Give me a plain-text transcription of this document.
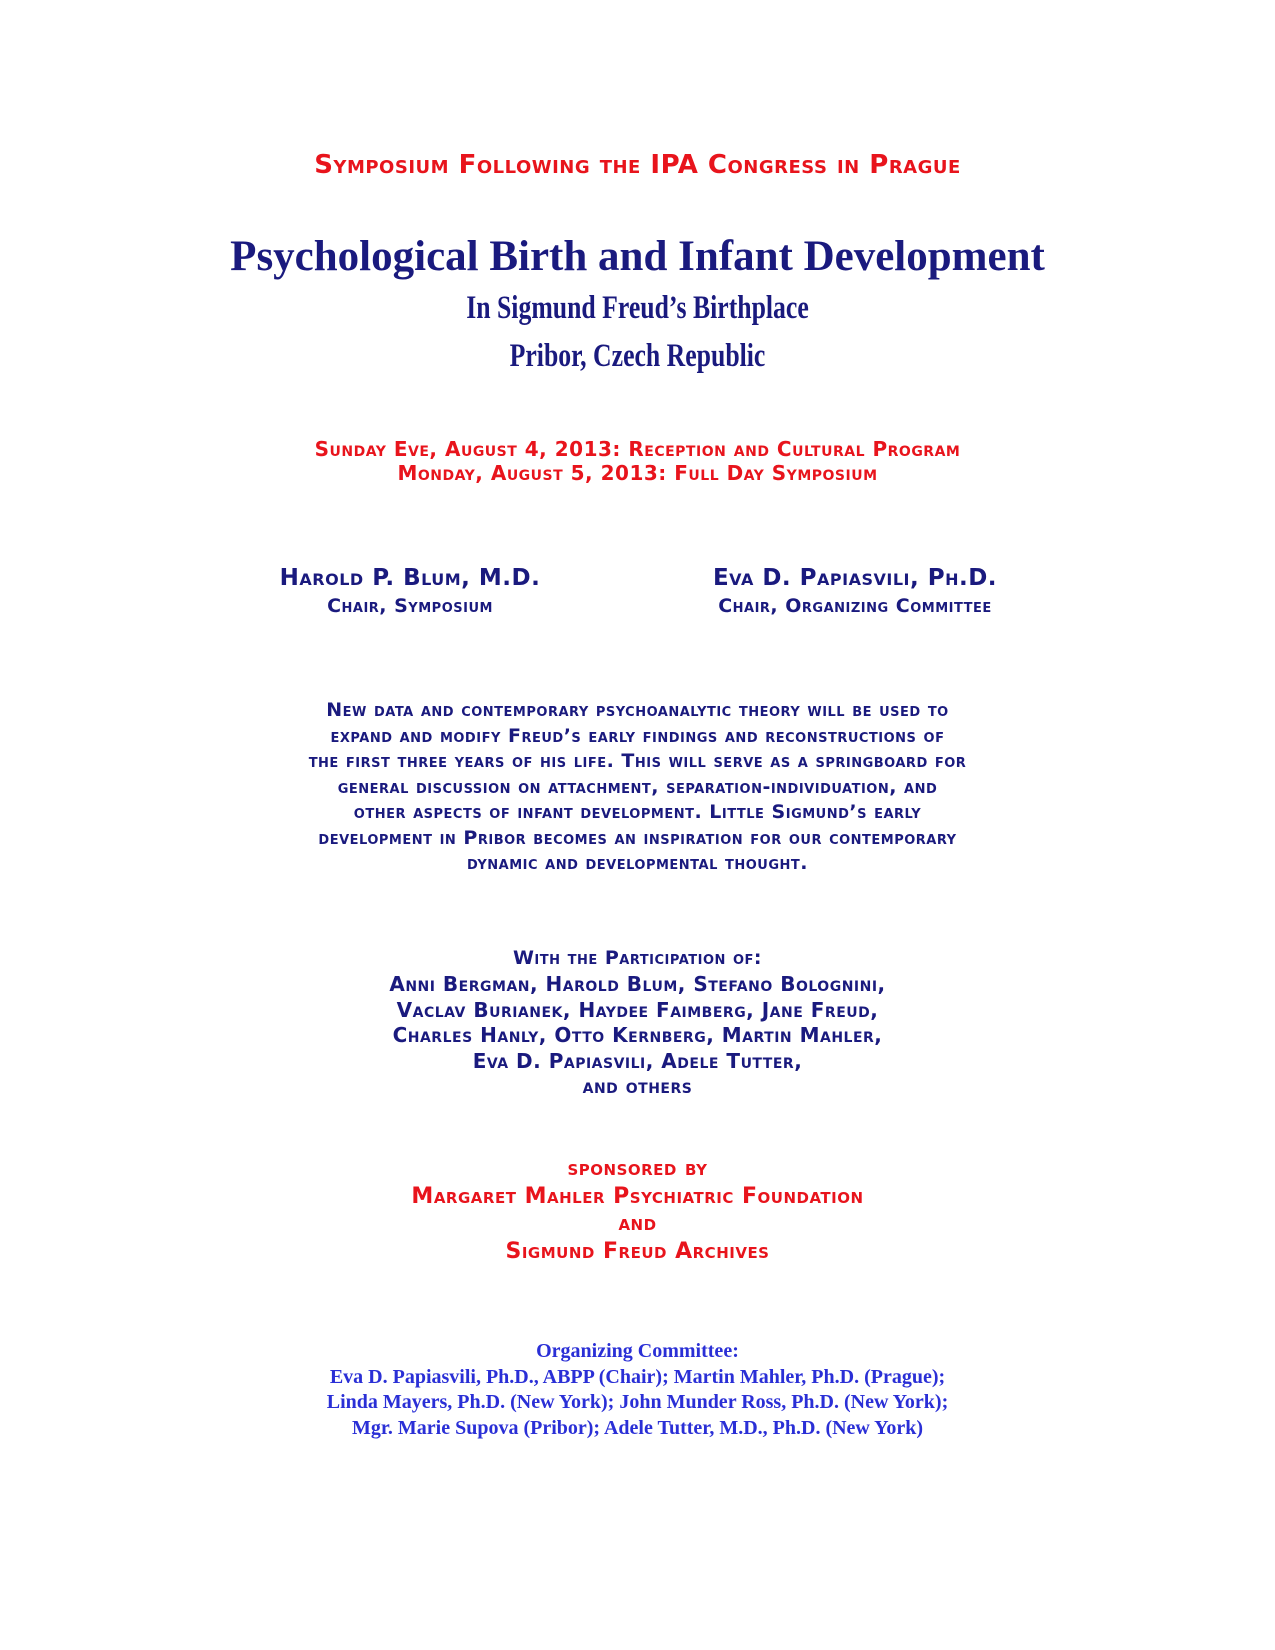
Symposium Following the IPA Congress in Prague

Psychological Birth and Infant Development

In Sigmund Freud’s Birthplace

Pribor, Czech Republic

Sunday Eve, August 4, 2013: Reception and Cultural Program

Monday, August 5, 2013: Full Day Symposium

Harold P. Blum, M.D.
Chair, Symposium
Eva D. Papiasvili, Ph.D.
Chair, Organizing Committee
New data and contemporary psychoanalytic theory will be used to
expand and modify Freud’s early findings and reconstructions of
the first three years of his life. This will serve as a springboard for
general discussion on attachment, separation-individuation, and
other aspects of infant development. Little Sigmund’s early
development in Pribor becomes an inspiration for our contemporary
dynamic and developmental thought.
With the Participation of:
Anni Bergman, Harold Blum, Stefano Bolognini,
Vaclav Burianek, Haydee Faimberg, Jane Freud,
Charles Hanly, Otto Kernberg, Martin Mahler,
Eva D. Papiasvili, Adele Tutter,
and others
sponsored by
Margaret Mahler Psychiatric Foundation
and
Sigmund Freud Archives
Organizing Committee:
Eva D. Papiasvili, Ph.D., ABPP (Chair); Martin Mahler, Ph.D. (Prague);
Linda Mayers, Ph.D. (New York); John Munder Ross, Ph.D. (New York);
Mgr. Marie Supova (Pribor); Adele Tutter, M.D., Ph.D. (New York)
